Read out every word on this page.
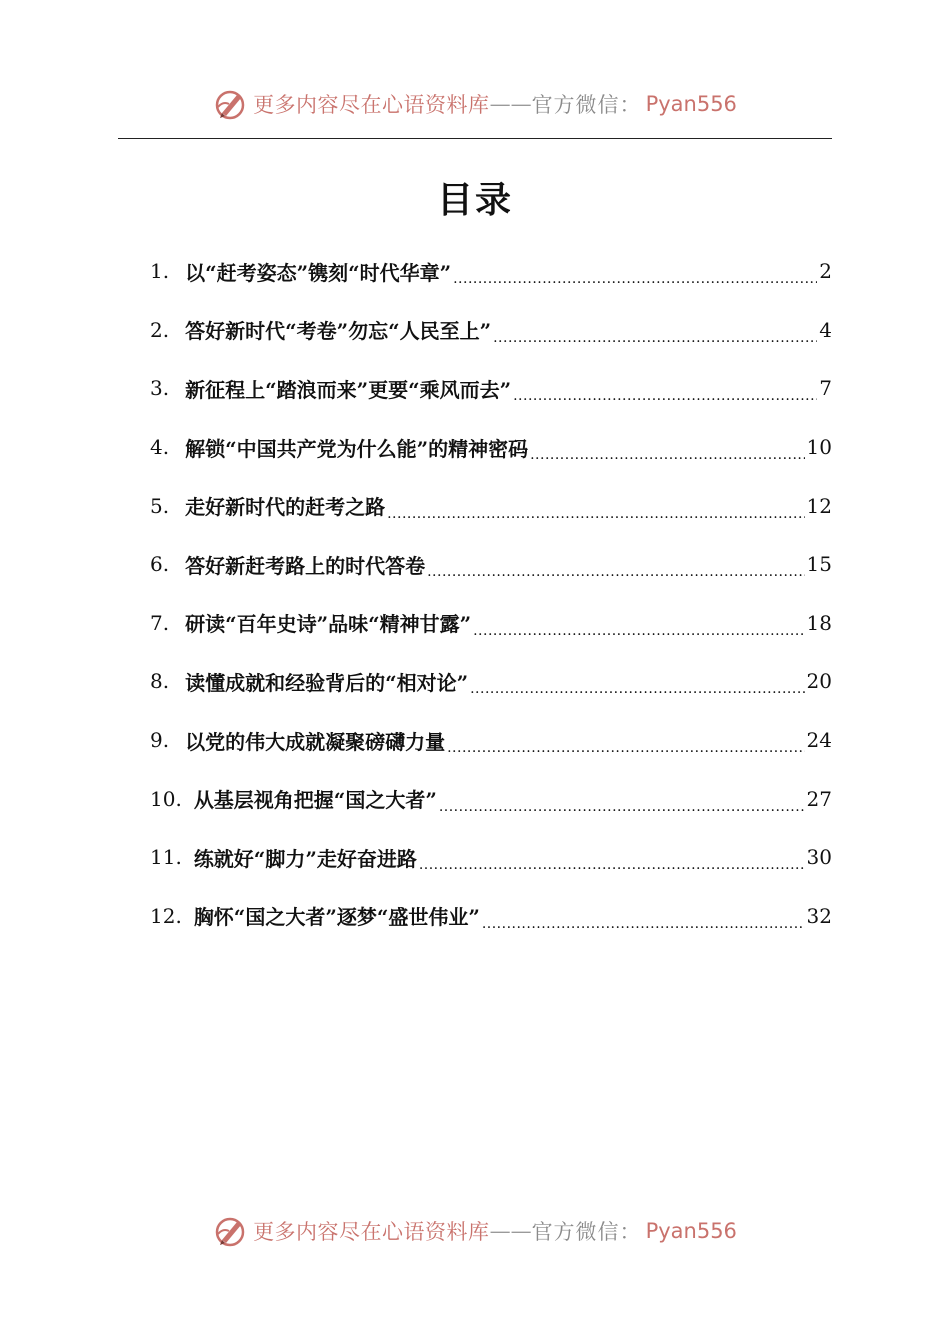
更多内容尽在心语资料库 —— 官方微信： Pyan556
目录
1. 以“赶考姿态”镌刻“时代华章” .....	2
2. 答好新时代“考卷”勿忘“人民至上” .....	4
3. 新征程上“踏浪而来”更要“乘风而去” .....	7
4. 解锁“中国共产党为什么能”的精神密码 .....	10
5. 走好新时代的赶考之路 .....	12
6. 答好新赶考路上的时代答卷 .....	15
7. 研读“百年史诗”品味“精神甘露” .....	18
8. 读懂成就和经验背后的“相对论” .....	20
9. 以党的伟大成就凝聚磅礴力量 .....	24
10. 从基层视角把握“国之大者” .....	27
11. 练就好“脚力”走好奋进路 .....	30
12. 胸怀“国之大者”逐梦“盛世伟业” .....	32
更多内容尽在心语资料库 —— 官方微信： Pyan556
